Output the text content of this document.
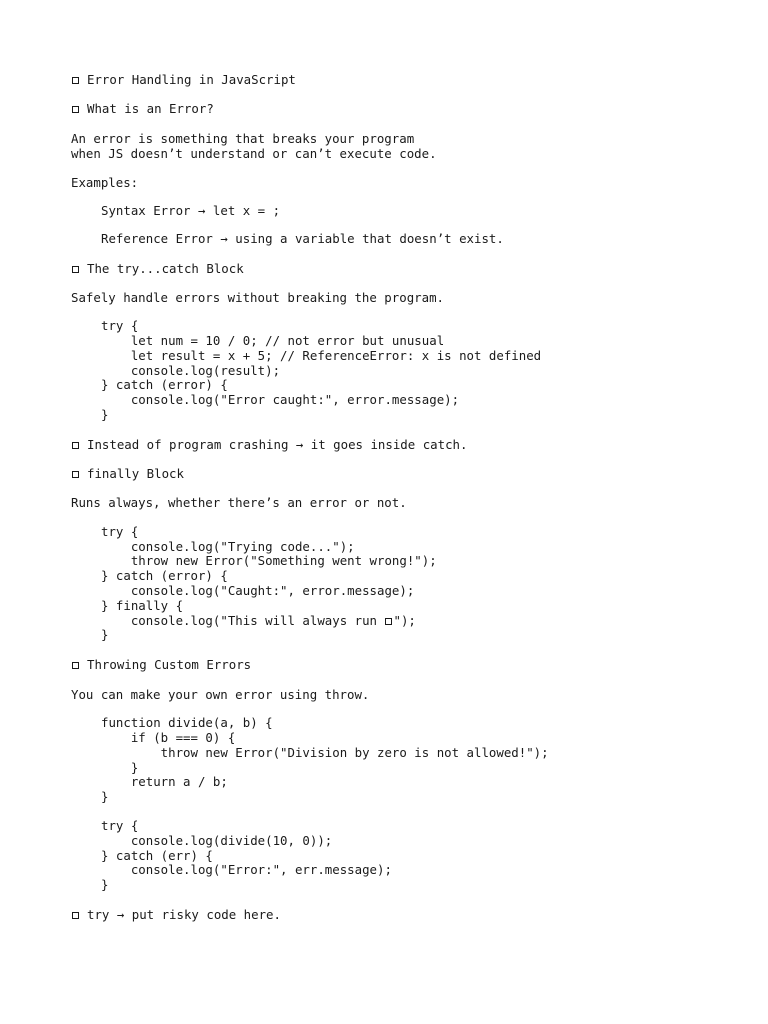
Error Handling in JavaScript
What is an Error?
An error is something that breaks your program
when JS doesn’t understand or can’t execute code.
Examples:
Syntax Error → let x = ;
Reference Error → using a variable that doesn’t exist.
The try...catch Block
Safely handle errors without breaking the program.
try {
let num = 10 / 0; // not error but unusual
let result = x + 5; // ReferenceError: x is not defined
console.log(result);
} catch (error) {
console.log("Error caught:", error.message);
}
Instead of program crashing → it goes inside catch.
finally Block
Runs always, whether there’s an error or not.
try {
console.log("Trying code...");
throw new Error("Something went wrong!");
} catch (error) {
console.log("Caught:", error.message);
} finally {
console.log("This will always run ");
}
Throwing Custom Errors
You can make your own error using throw.
function divide(a, b) {
if (b === 0) {
throw new Error("Division by zero is not allowed!");
}
return a / b;
}
try {
console.log(divide(10, 0));
} catch (err) {
console.log("Error:", err.message);
}
try → put risky code here.
